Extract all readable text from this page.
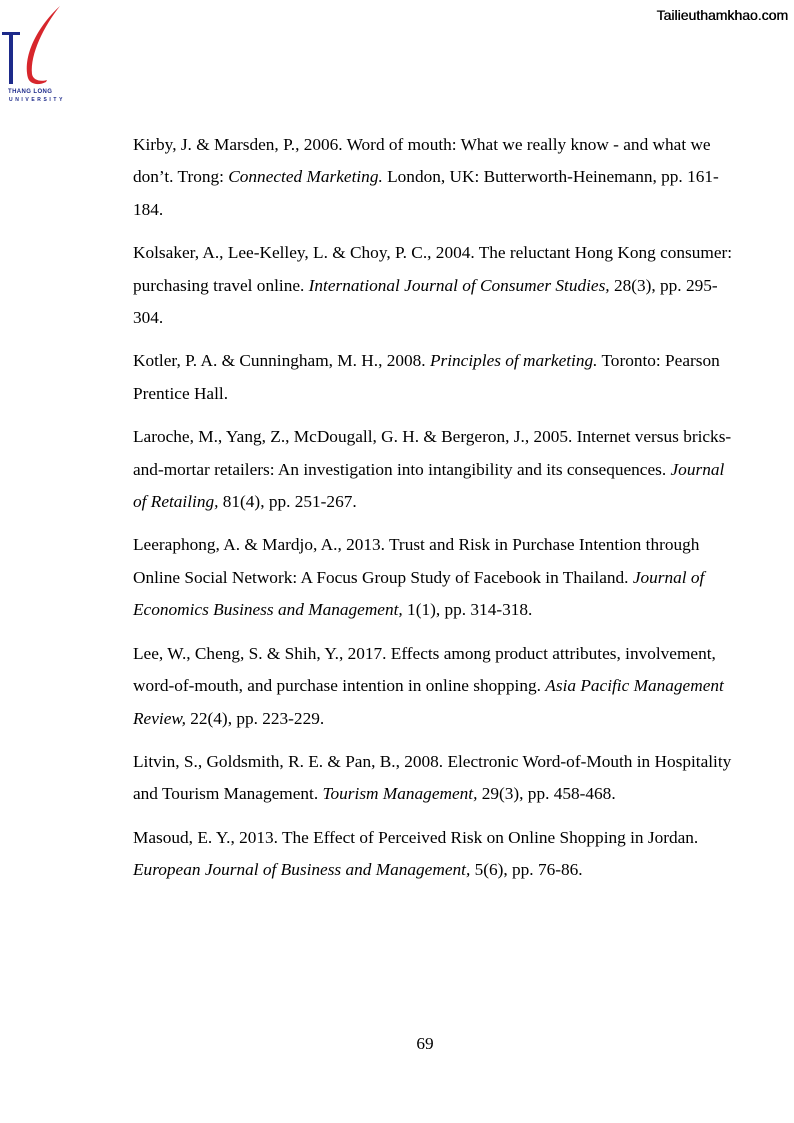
Tailieuthamkhao.com
THANG LONG
UNIVERSITY

Kirby, J. & Marsden, P., 2006. Word of mouth: What we really know - and what we don’t. Trong: Connected Marketing. London, UK: Butterworth-Heinemann, pp. 161-184.

Kolsaker, A., Lee-Kelley, L. & Choy, P. C., 2004. The reluctant Hong Kong consumer: purchasing travel online. International Journal of Consumer Studies, 28(3), pp. 295-304.

Kotler, P. A. & Cunningham, M. H., 2008. Principles of marketing. Toronto: Pearson Prentice Hall.

Laroche, M., Yang, Z., McDougall, G. H. & Bergeron, J., 2005. Internet versus bricks-and-mortar retailers: An investigation into intangibility and its consequences. Journal of Retailing, 81(4), pp. 251-267.

Leeraphong, A. & Mardjo, A., 2013. Trust and Risk in Purchase Intention through Online Social Network: A Focus Group Study of Facebook in Thailand. Journal of Economics Business and Management, 1(1), pp. 314-318.

Lee, W., Cheng, S. & Shih, Y., 2017. Effects among product attributes, involvement, word-of-mouth, and purchase intention in online shopping. Asia Pacific Management Review, 22(4), pp. 223-229.

Litvin, S., Goldsmith, R. E. & Pan, B., 2008. Electronic Word-of-Mouth in Hospitality and Tourism Management. Tourism Management, 29(3), pp. 458-468.

Masoud, E. Y., 2013. The Effect of Perceived Risk on Online Shopping in Jordan. European Journal of Business and Management, 5(6), pp. 76-86.

69
